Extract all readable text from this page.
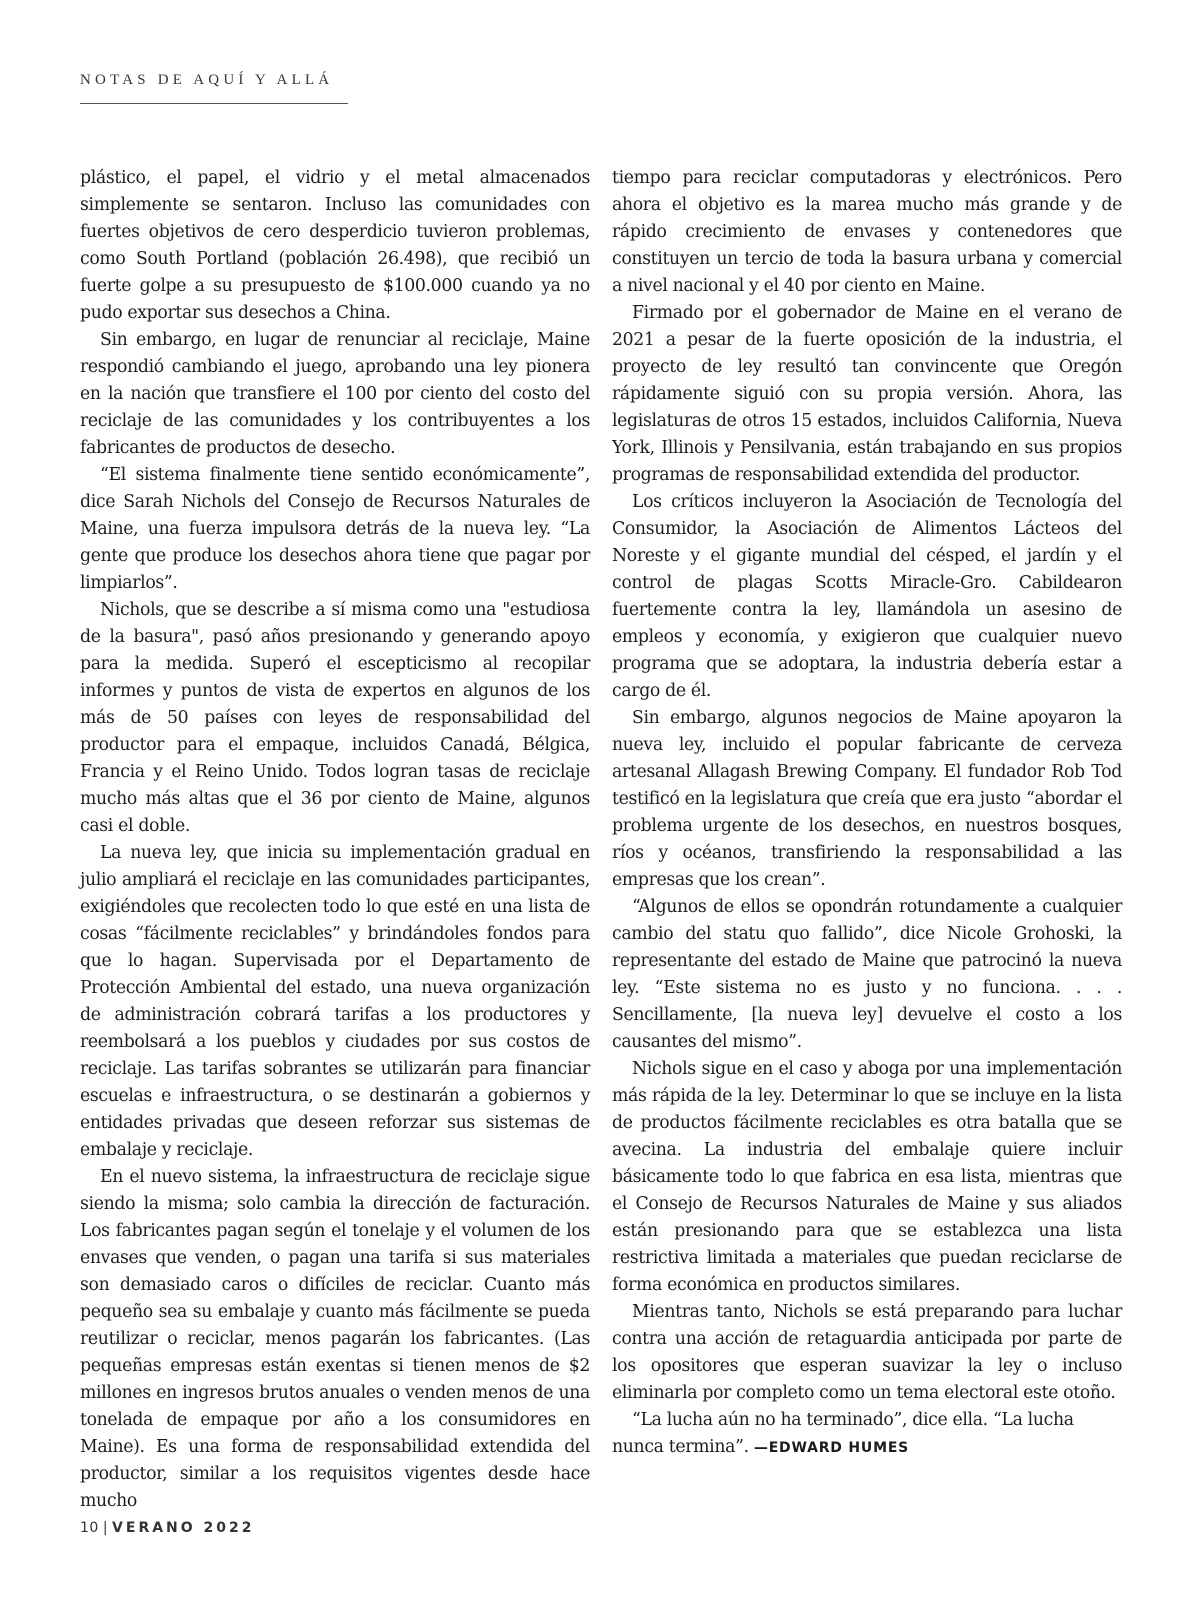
NOTAS DE AQUÍ Y ALLÁ

plástico, el papel, el vidrio y el metal almacenados simplemente se sentaron. Incluso las comunidades con fuertes objetivos de cero desperdicio tuvieron problemas, como South Portland (población 26.498), que recibió un fuerte golpe a su presupuesto de $100.000 cuando ya no pudo exportar sus desechos a China.

Sin embargo, en lugar de renunciar al reciclaje, Maine respondió cambiando el juego, aprobando una ley pionera en la nación que transfiere el 100 por ciento del costo del reciclaje de las comunidades y los contribuyentes a los fabricantes de productos de desecho.

“El sistema finalmente tiene sentido económicamente”, dice Sarah Nichols del Consejo de Recursos Naturales de Maine, una fuerza impulsora detrás de la nueva ley. “La gente que produce los desechos ahora tiene que pagar por limpiarlos”.

Nichols, que se describe a sí misma como una "estudiosa de la basura", pasó años presionando y generando apoyo para la medida. Superó el escepticismo al recopilar informes y puntos de vista de expertos en algunos de los más de 50 países con leyes de responsabilidad del productor para el empaque, incluidos Canadá, Bélgica, Francia y el Reino Unido. Todos logran tasas de reciclaje mucho más altas que el 36 por ciento de Maine, algunos casi el doble.

La nueva ley, que inicia su implementación gradual en julio ampliará el reciclaje en las comunidades participantes, exigiéndoles que recolecten todo lo que esté en una lista de cosas “fácilmente reciclables” y brindándoles fondos para que lo hagan. Supervisada por el Departamento de Protección Ambiental del estado, una nueva organización de administración cobrará tarifas a los productores y reembolsará a los pueblos y ciudades por sus costos de reciclaje. Las tarifas sobrantes se utilizarán para financiar escuelas e infraestructura, o se destinarán a gobiernos y entidades privadas que deseen reforzar sus sistemas de embalaje y reciclaje.

En el nuevo sistema, la infraestructura de reciclaje sigue siendo la misma; solo cambia la dirección de facturación. Los fabricantes pagan según el tonelaje y el volumen de los envases que venden, o pagan una tarifa si sus materiales son demasiado caros o difíciles de reciclar. Cuanto más pequeño sea su embalaje y cuanto más fácilmente se pueda reutilizar o reciclar, menos pagarán los fabricantes. (Las pequeñas empresas están exentas si tienen menos de $2 millones en ingresos brutos anuales o venden menos de una tonelada de empaque por año a los consumidores en Maine). Es una forma de responsabilidad extendida del productor, similar a los requisitos vigentes desde hace mucho

tiempo para reciclar computadoras y electrónicos. Pero ahora el objetivo es la marea mucho más grande y de rápido crecimiento de envases y contenedores que constituyen un tercio de toda la basura urbana y comercial a nivel nacional y el 40 por ciento en Maine.

Firmado por el gobernador de Maine en el verano de 2021 a pesar de la fuerte oposición de la industria, el proyecto de ley resultó tan convincente que Oregón rápidamente siguió con su propia versión. Ahora, las legislaturas de otros 15 estados, incluidos California, Nueva York, Illinois y Pensilvania, están trabajando en sus propios programas de responsabilidad extendida del productor.

Los críticos incluyeron la Asociación de Tecnología del Consumidor, la Asociación de Alimentos Lácteos del Noreste y el gigante mundial del césped, el jardín y el control de plagas Scotts Miracle-Gro. Cabildearon fuertemente contra la ley, llamándola un asesino de empleos y economía, y exigieron que cualquier nuevo programa que se adoptara, la industria debería estar a cargo de él.

Sin embargo, algunos negocios de Maine apoyaron la nueva ley, incluido el popular fabricante de cerveza artesanal Allagash Brewing Company. El fundador Rob Tod testificó en la legislatura que creía que era justo “abordar el problema urgente de los desechos, en nuestros bosques, ríos y océanos, transfiriendo la responsabilidad a las empresas que los crean”.

“Algunos de ellos se opondrán rotundamente a cualquier cambio del statu quo fallido”, dice Nicole Grohoski, la representante del estado de Maine que patrocinó la nueva ley. “Este sistema no es justo y no funciona. . . . Sencillamente, [la nueva ley] devuelve el costo a los causantes del mismo”.

Nichols sigue en el caso y aboga por una implementación más rápida de la ley. Determinar lo que se incluye en la lista de productos fácilmente reciclables es otra batalla que se avecina. La industria del embalaje quiere incluir básicamente todo lo que fabrica en esa lista, mientras que el Consejo de Recursos Naturales de Maine y sus aliados están presionando para que se establezca una lista restrictiva limitada a materiales que puedan reciclarse de forma económica en productos similares.

Mientras tanto, Nichols se está preparando para luchar contra una acción de retaguardia anticipada por parte de los opositores que esperan suavizar la ley o incluso eliminarla por completo como un tema electoral este otoño.

“La lucha aún no ha terminado”, dice ella. “La lucha nunca termina”. —EDWARD HUMES

10 | VERANO 2022
